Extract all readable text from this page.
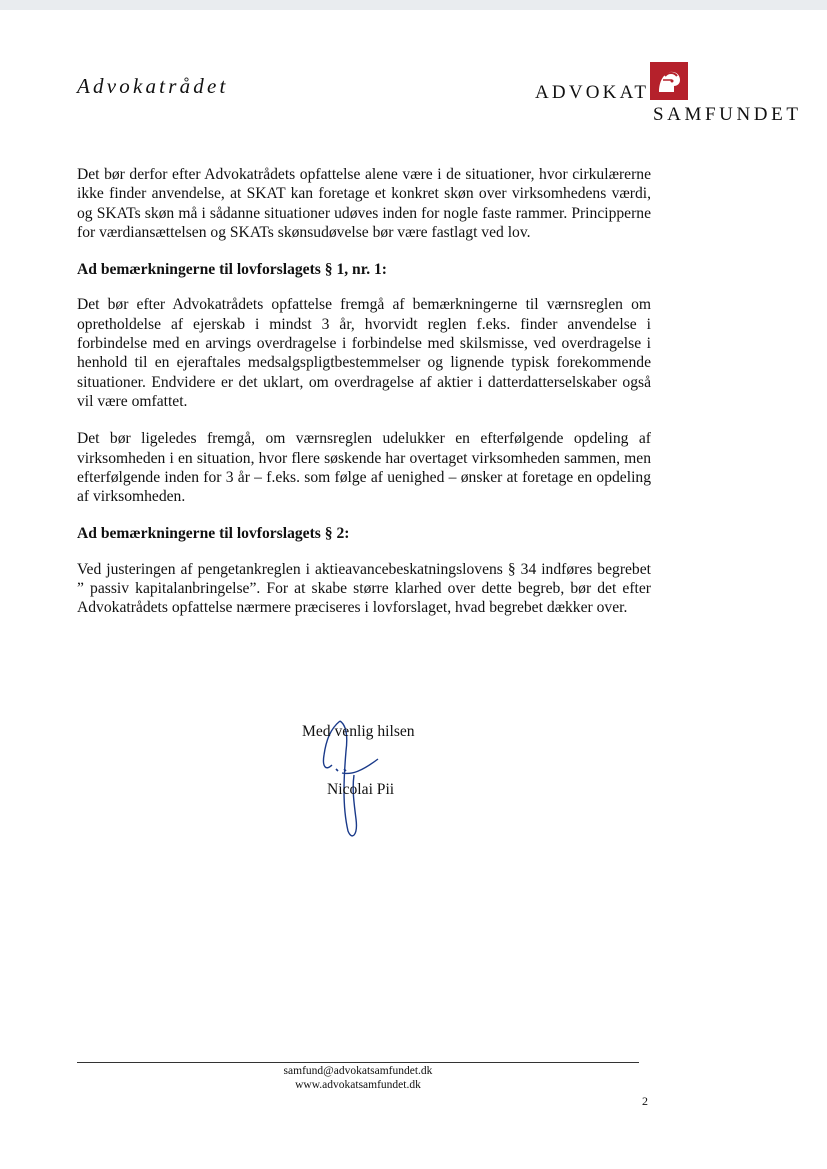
Advokatrådet	ADVOKAT
SAMFUNDET

Det bør derfor efter Advokatrådets opfattelse alene være i de situationer, hvor cirkulærerne ikke finder anvendelse, at SKAT kan foretage et konkret skøn over virksomhedens værdi, og SKATs skøn må i sådanne situationer udøves inden for nogle faste rammer. Principperne for værdiansættelsen og SKATs skønsudøvelse bør være fastlagt ved lov.

Ad bemærkningerne til lovforslagets § 1, nr. 1:

Det bør efter Advokatrådets opfattelse fremgå af bemærkningerne til værnsreglen om opretholdelse af ejerskab i mindst 3 år, hvorvidt reglen f.eks. finder anvendelse i forbindelse med en arvings overdragelse i forbindelse med skilsmisse, ved overdragelse i henhold til en ejeraftales medsalgspligtbestemmelser og lignende typisk forekommende situationer. Endvidere er det uklart, om overdragelse af aktier i datterdatterselskaber også vil være omfattet.

Det bør ligeledes fremgå, om værnsreglen udelukker en efterfølgende opdeling af virksomheden i en situation, hvor flere søskende har overtaget virksomheden sammen, men efterfølgende inden for 3 år – f.eks. som følge af uenighed – ønsker at foretage en opdeling af virksomheden.

Ad bemærkningerne til lovforslagets § 2:

Ved justeringen af pengetankreglen i aktieavancebeskatningslovens § 34 indføres begrebet ” passiv kapitalanbringelse”. For at skabe større klarhed over dette begreb, bør det efter Advokatrådets opfattelse nærmere præciseres i lovforslaget, hvad begrebet dækker over.

Med venlig hilsen
Nicolai Pii
samfund@advokatsamfundet.dk
www.advokatsamfundet.dk
2
